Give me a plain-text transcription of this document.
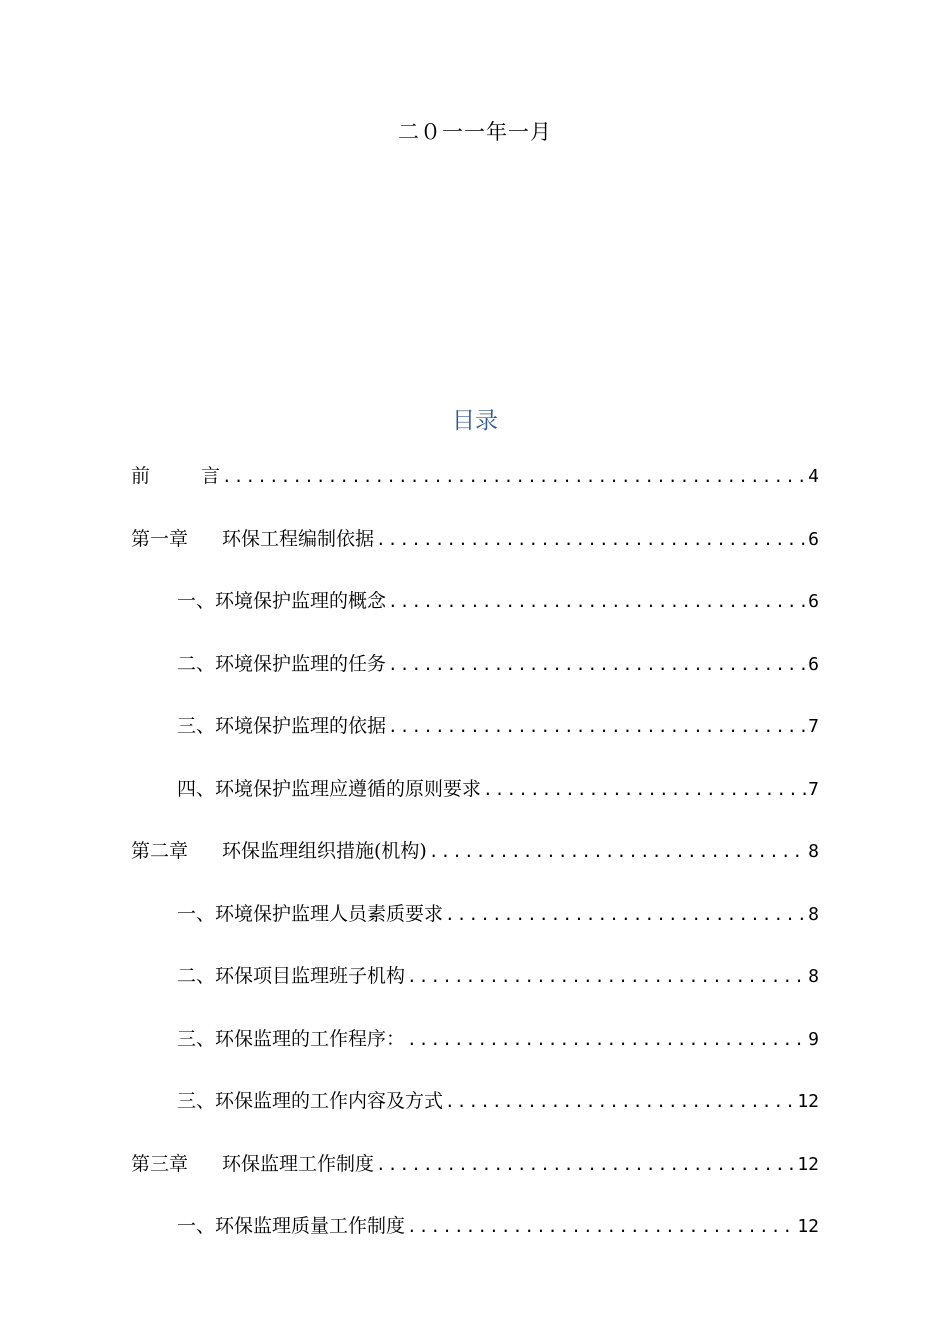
二０一一年一月
目录
前	言 .....	4
第一章 环保工程编制依据 .....	6
一、环境保护监理的概念 .....	6
二、环境保护监理的任务 .....	6
三、环境保护监理的依据 .....	7
四、环境保护监理应遵循的原则要求 .....	7
第二章 环保监理组织措施(机构) .....	8
一、环境保护监理人员素质要求 .....	8
二、环保项目监理班子机构 .....	8
三、环保监理的工作程序： .....	9
三、环保监理的工作内容及方式 .....	12
第三章 环保监理工作制度 .....	12
一、环保监理质量工作制度 .....	12
